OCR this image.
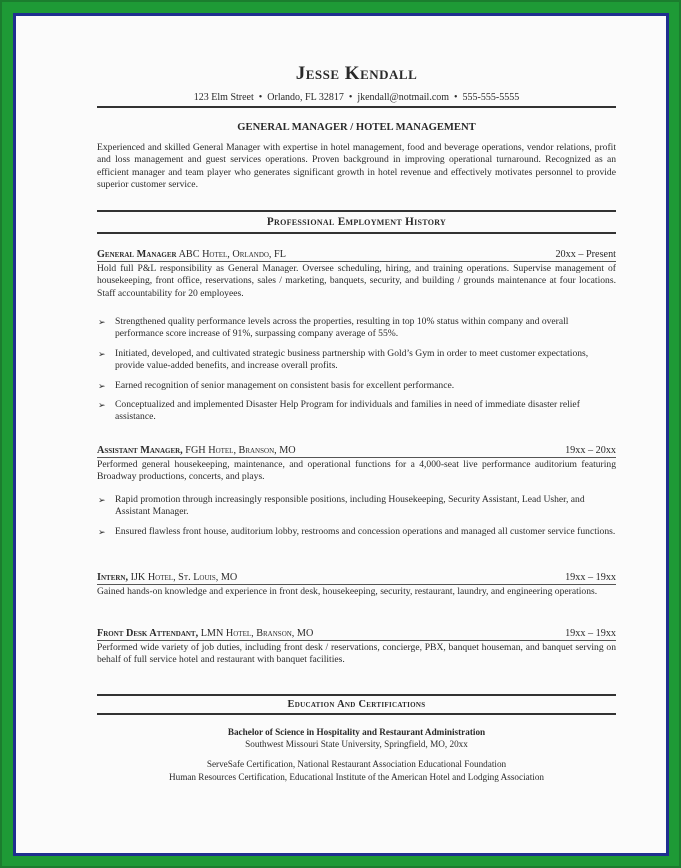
Jesse Kendall
123 Elm Street  •  Orlando, FL 32817  •  jkendall@notmail.com  •  555-555-5555
GENERAL MANAGER / HOTEL MANAGEMENT
Experienced and skilled General Manager with expertise in hotel management, food and beverage operations, vendor relations, profit and loss management and guest services operations. Proven background in improving operational turnaround. Recognized as an efficient manager and team player who generates significant growth in hotel revenue and effectively motivates personnel to provide superior customer service.
Professional Employment History
General Manager ABC Hotel, Orlando, FL	20xx – Present
Hold full P&L responsibility as General Manager. Oversee scheduling, hiring, and training operations. Supervise management of housekeeping, front office, reservations, sales / marketing, banquets, security, and building / grounds maintenance at four locations. Staff accountability for 20 employees.
➢ Strengthened quality performance levels across the properties, resulting in top 10% status within company and overall performance score increase of 91%, surpassing company average of 55%.
➢ Initiated, developed, and cultivated strategic business partnership with Gold’s Gym in order to meet customer expectations, provide value-added benefits, and increase overall profits.
➢ Earned recognition of senior management on consistent basis for excellent performance.
➢ Conceptualized and implemented Disaster Help Program for individuals and families in need of immediate disaster relief assistance.
Assistant Manager, FGH Hotel, Branson, MO	19xx – 20xx
Performed general housekeeping, maintenance, and operational functions for a 4,000-seat live performance auditorium featuring Broadway productions, concerts, and plays.
➢ Rapid promotion through increasingly responsible positions, including Housekeeping, Security Assistant, Lead Usher, and Assistant Manager.
➢ Ensured flawless front house, auditorium lobby, restrooms and concession operations and managed all customer service functions.
Intern, IJK Hotel, St. Louis, MO	19xx – 19xx
Gained hands-on knowledge and experience in front desk, housekeeping, security, restaurant, laundry, and engineering operations.
Front Desk Attendant, LMN Hotel, Branson, MO	19xx – 19xx
Performed wide variety of job duties, including front desk / reservations, concierge, PBX, banquet houseman, and banquet serving on behalf of full service hotel and restaurant with banquet facilities.
Education And Certifications
Bachelor of Science in Hospitality and Restaurant Administration
Southwest Missouri State University, Springfield, MO, 20xx
ServeSafe Certification, National Restaurant Association Educational Foundation
Human Resources Certification, Educational Institute of the American Hotel and Lodging Association
